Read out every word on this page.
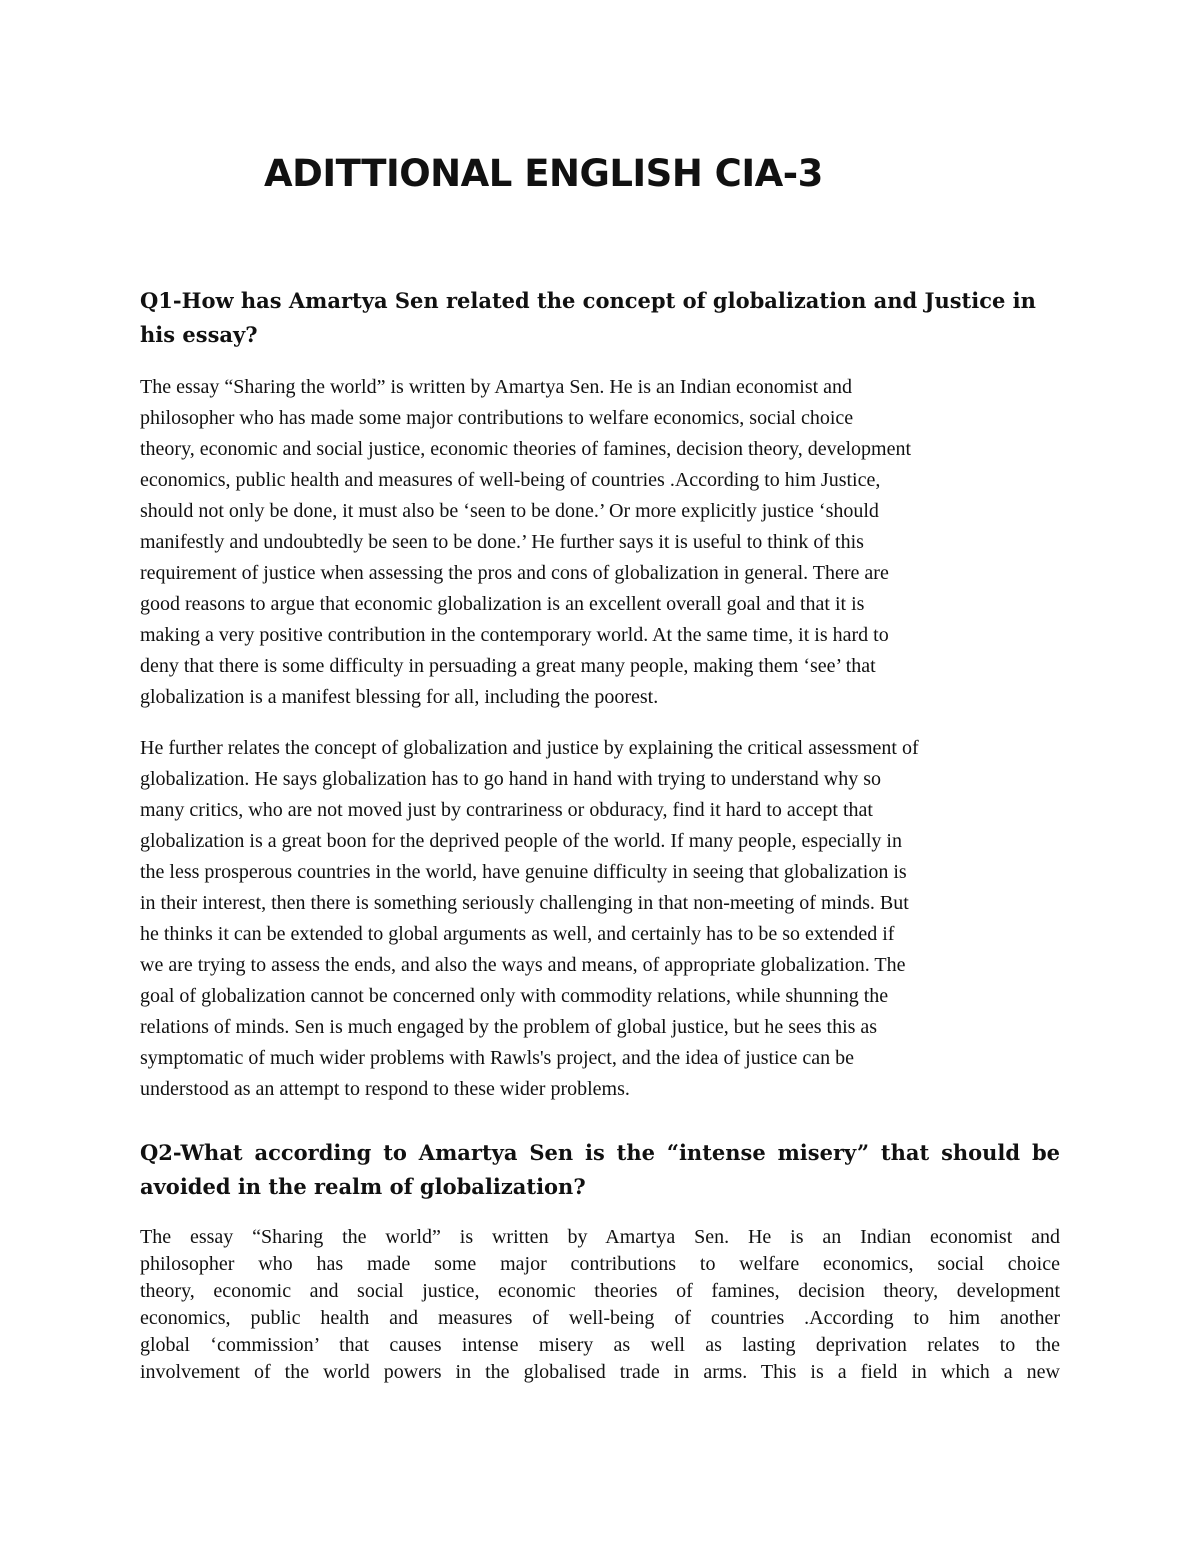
ADITTIONAL ENGLISH CIA-3
Q1-How has Amartya Sen related the concept of globalization and Justice in
his essay?

The essay “Sharing the world” is written by Amartya Sen. He is an Indian economist and
philosopher who has made some major contributions to welfare economics, social choice
theory, economic and social justice, economic theories of famines, decision theory, development
economics, public health and measures of well-being of countries .According to him Justice,
should not only be done, it must also be ‘seen to be done.’ Or more explicitly justice ‘should
manifestly and undoubtedly be seen to be done.’ He further says it is useful to think of this
requirement of justice when assessing the pros and cons of globalization in general. There are
good reasons to argue that economic globalization is an excellent overall goal and that it is
making a very positive contribution in the contemporary world. At the same time, it is hard to
deny that there is some difficulty in persuading a great many people, making them ‘see’ that
globalization is a manifest blessing for all, including the poorest.

He further relates the concept of globalization and justice by explaining the critical assessment of
globalization. He says globalization has to go hand in hand with trying to understand why so
many critics, who are not moved just by contrariness or obduracy, find it hard to accept that
globalization is a great boon for the deprived people of the world. If many people, especially in
the less prosperous countries in the world, have genuine difficulty in seeing that globalization is
in their interest, then there is something seriously challenging in that non-meeting of minds. But
he thinks it can be extended to global arguments as well, and certainly has to be so extended if
we are trying to assess the ends, and also the ways and means, of appropriate globalization. The
goal of globalization cannot be concerned only with commodity relations, while shunning the
relations of minds. Sen is much engaged by the problem of global justice, but he sees this as
symptomatic of much wider problems with Rawls's project, and the idea of justice can be
understood as an attempt to respond to these wider problems.

Q2-What according to Amartya Sen is the “intense misery” that should be avoided in the realm of globalization?

The essay “Sharing the world” is written by Amartya Sen. He is an Indian economist and
philosopher who has made some major contributions to welfare economics, social choice
theory, economic and social justice, economic theories of famines, decision theory, development
economics, public health and measures of well-being of countries .According to him another
global ‘commission’ that causes intense misery as well as lasting deprivation relates to the
involvement of the world powers in the globalised trade in arms. This is a field in which a new
